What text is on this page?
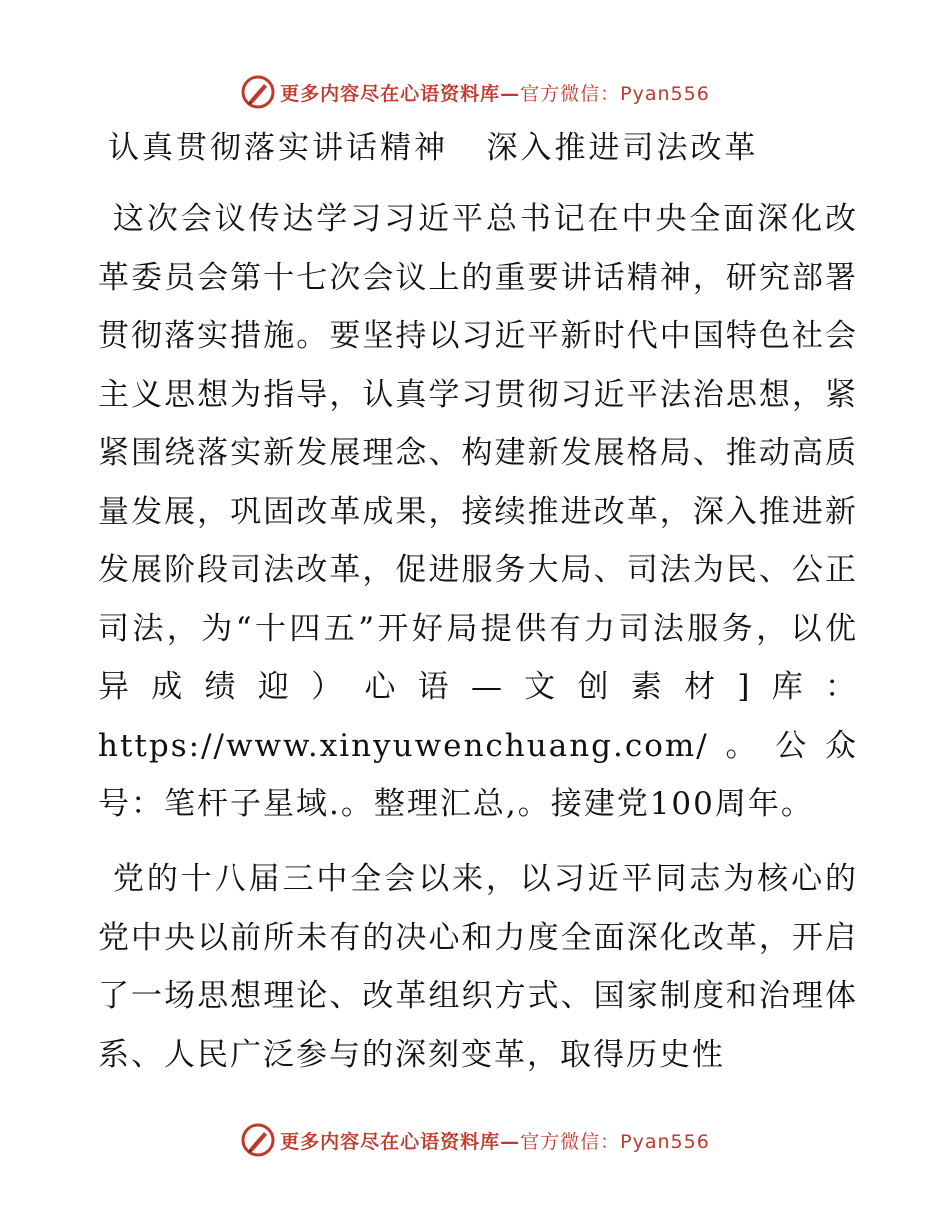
更多内容尽在心语资料库— 官方微信：Pyan556
认真贯彻落实讲话精神   深入推进司法改革
这次会议传达学习习近平总书记在中央全面深化改革委员会第十七次会议上的重要讲话精神，研究部署贯彻落实措施。要坚持以习近平新时代中国特色社会主义思想为指导，认真学习贯彻习近平法治思想，紧紧围绕落实新发展理念、构建新发展格局、推动高质量发展，巩固改革成果，接续推进改革，深入推进新发展阶段司法改革，促进服务大局、司法为民、公正司法，为“十四五”开好局提供有力司法服务，以优异成绩迎）心语—文创素材]库：https://www.xinyuwenchuang.com/。公众号：笔杆子星域.。整理汇总,。接建党100周年。
党的十八届三中全会以来，以习近平同志为核心的党中央以前所未有的决心和力度全面深化改革，开启了一场思想理论、改革组织方式、国家制度和治理体系、人民广泛参与的深刻变革，取得历史性
更多内容尽在心语资料库— 官方微信：Pyan556
